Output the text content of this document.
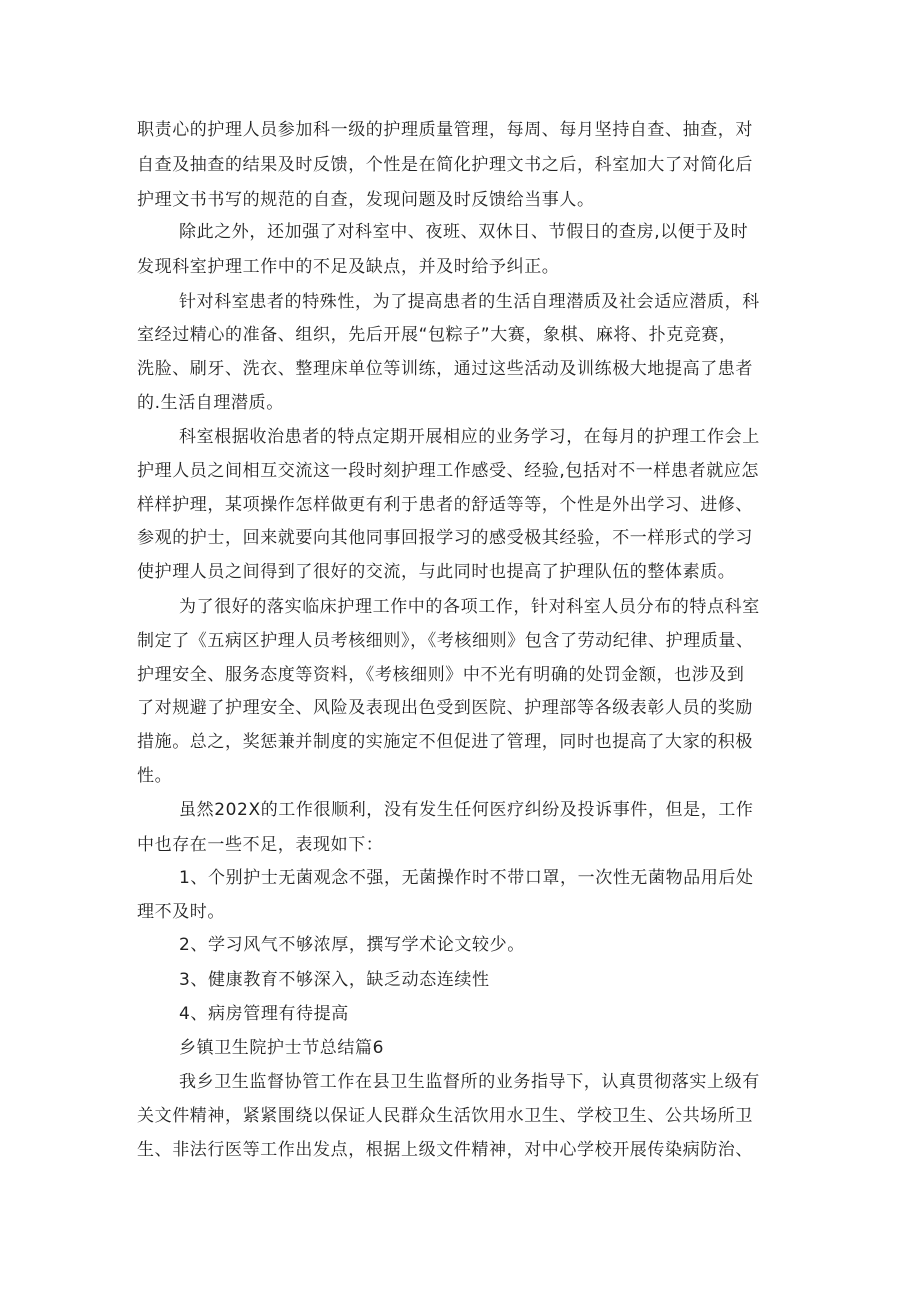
职责心的护理人员参加科一级的护理质量管理，每周、每月坚持自查、抽查，对
自查及抽查的结果及时反馈，个性是在简化护理文书之后，科室加大了对简化后
护理文书书写的规范的自查，发现问题及时反馈给当事人。
除此之外，还加强了对科室中、夜班、双休日、节假日的查房,以便于及时
发现科室护理工作中的不足及缺点，并及时给予纠正。
针对科室患者的特殊性，为了提高患者的生活自理潜质及社会适应潜质，科
室经过精心的准备、组织，先后开展“包粽子”大赛，象棋、麻将、扑克竞赛，
洗脸、刷牙、洗衣、整理床单位等训练，通过这些活动及训练极大地提高了患者
的.生活自理潜质。
科室根据收治患者的特点定期开展相应的业务学习，在每月的护理工作会上
护理人员之间相互交流这一段时刻护理工作感受、经验,包括对不一样患者就应怎
样样护理，某项操作怎样做更有利于患者的舒适等等，个性是外出学习、进修、
参观的护士，回来就要向其他同事回报学习的感受极其经验，不一样形式的学习
使护理人员之间得到了很好的交流，与此同时也提高了护理队伍的整体素质。
为了很好的落实临床护理工作中的各项工作，针对科室人员分布的特点科室
制定了《五病区护理人员考核细则》，《考核细则》包含了劳动纪律、护理质量、
护理安全、服务态度等资料，《考核细则》中不光有明确的处罚金额，也涉及到
了对规避了护理安全、风险及表现出色受到医院、护理部等各级表彰人员的奖励
措施。总之，奖惩兼并制度的实施定不但促进了管理，同时也提高了大家的积极
性。
虽然202X的工作很顺利，没有发生任何医疗纠纷及投诉事件，但是，工作
中也存在一些不足，表现如下：
1、个别护士无菌观念不强，无菌操作时不带口罩，一次性无菌物品用后处
理不及时。
2、学习风气不够浓厚，撰写学术论文较少。
3、健康教育不够深入，缺乏动态连续性
4、病房管理有待提高
乡镇卫生院护士节总结篇6
我乡卫生监督协管工作在县卫生监督所的业务指导下，认真贯彻落实上级有
关文件精神，紧紧围绕以保证人民群众生活饮用水卫生、学校卫生、公共场所卫
生、非法行医等工作出发点，根据上级文件精神，对中心学校开展传染病防治、
